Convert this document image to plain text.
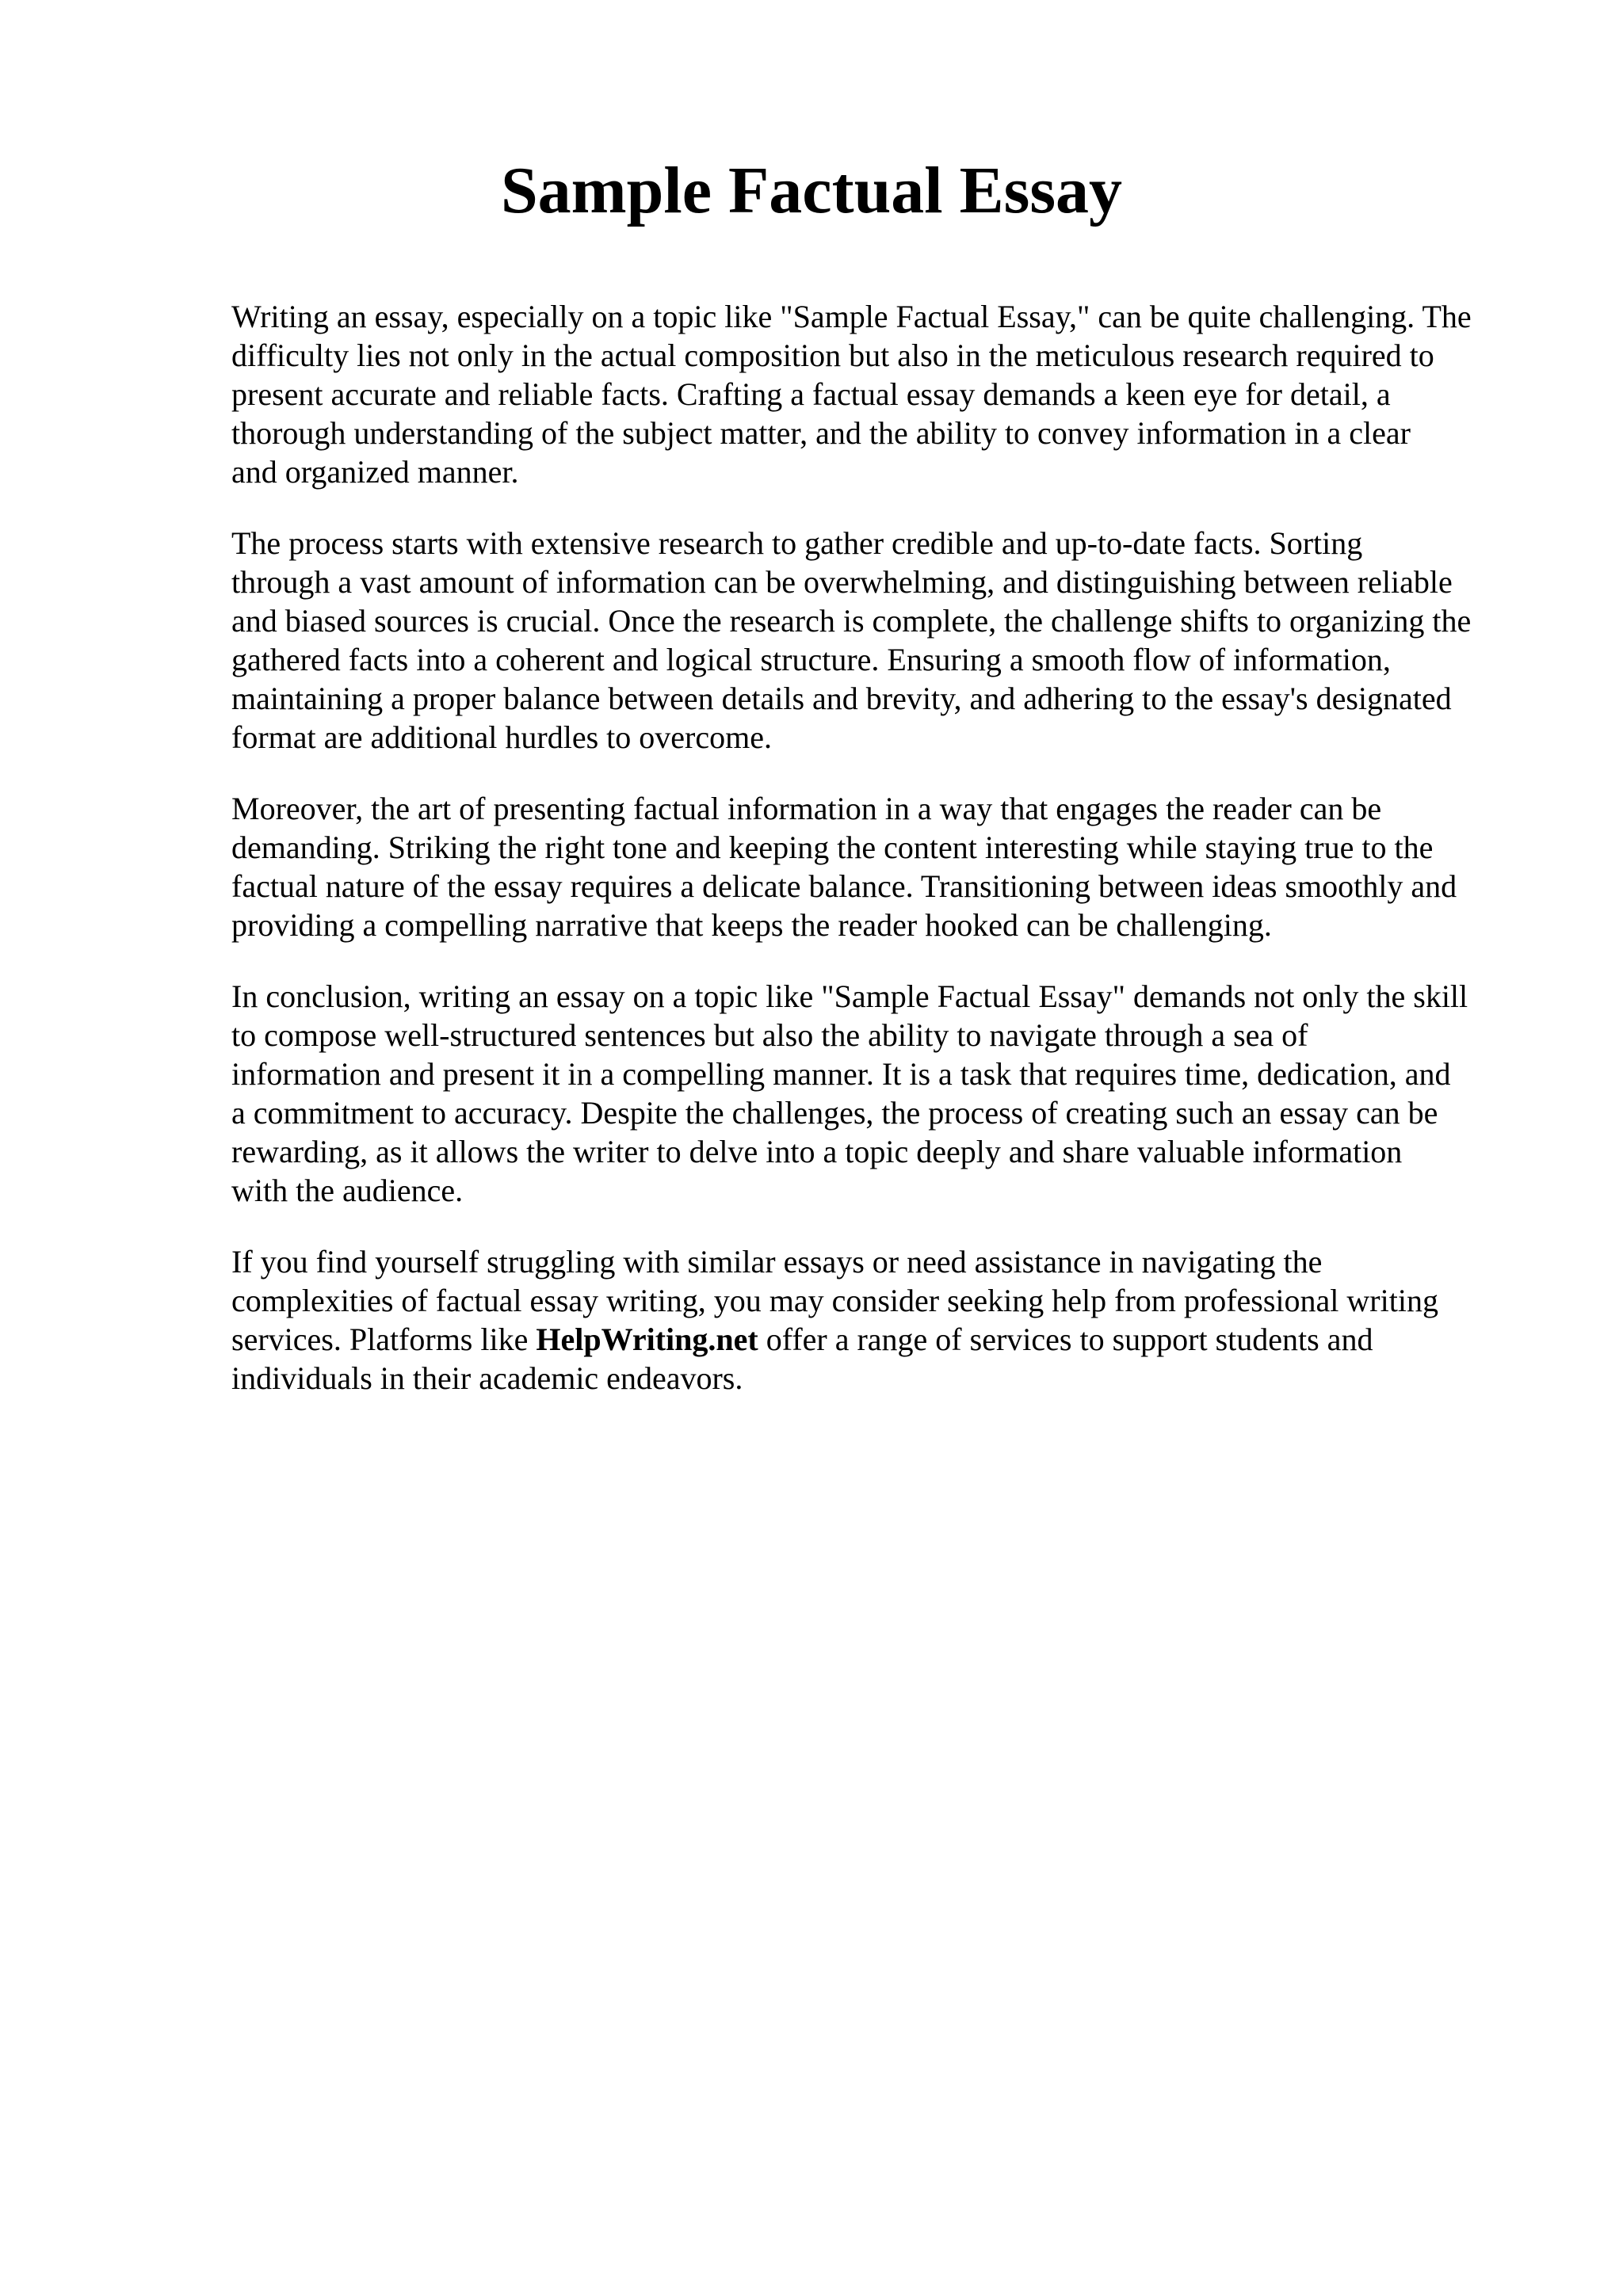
Sample Factual Essay

Writing an essay, especially on a topic like "Sample Factual Essay," can be quite challenging. The
difficulty lies not only in the actual composition but also in the meticulous research required to
present accurate and reliable facts. Crafting a factual essay demands a keen eye for detail, a
thorough understanding of the subject matter, and the ability to convey information in a clear
and organized manner.

The process starts with extensive research to gather credible and up-to-date facts. Sorting
through a vast amount of information can be overwhelming, and distinguishing between reliable
and biased sources is crucial. Once the research is complete, the challenge shifts to organizing the
gathered facts into a coherent and logical structure. Ensuring a smooth flow of information,
maintaining a proper balance between details and brevity, and adhering to the essay's designated
format are additional hurdles to overcome.

Moreover, the art of presenting factual information in a way that engages the reader can be
demanding. Striking the right tone and keeping the content interesting while staying true to the
factual nature of the essay requires a delicate balance. Transitioning between ideas smoothly and
providing a compelling narrative that keeps the reader hooked can be challenging.

In conclusion, writing an essay on a topic like "Sample Factual Essay" demands not only the skill
to compose well-structured sentences but also the ability to navigate through a sea of
information and present it in a compelling manner. It is a task that requires time, dedication, and
a commitment to accuracy. Despite the challenges, the process of creating such an essay can be
rewarding, as it allows the writer to delve into a topic deeply and share valuable information
with the audience.

If you find yourself struggling with similar essays or need assistance in navigating the
complexities of factual essay writing, you may consider seeking help from professional writing
services. Platforms like HelpWriting.net offer a range of services to support students and
individuals in their academic endeavors.
